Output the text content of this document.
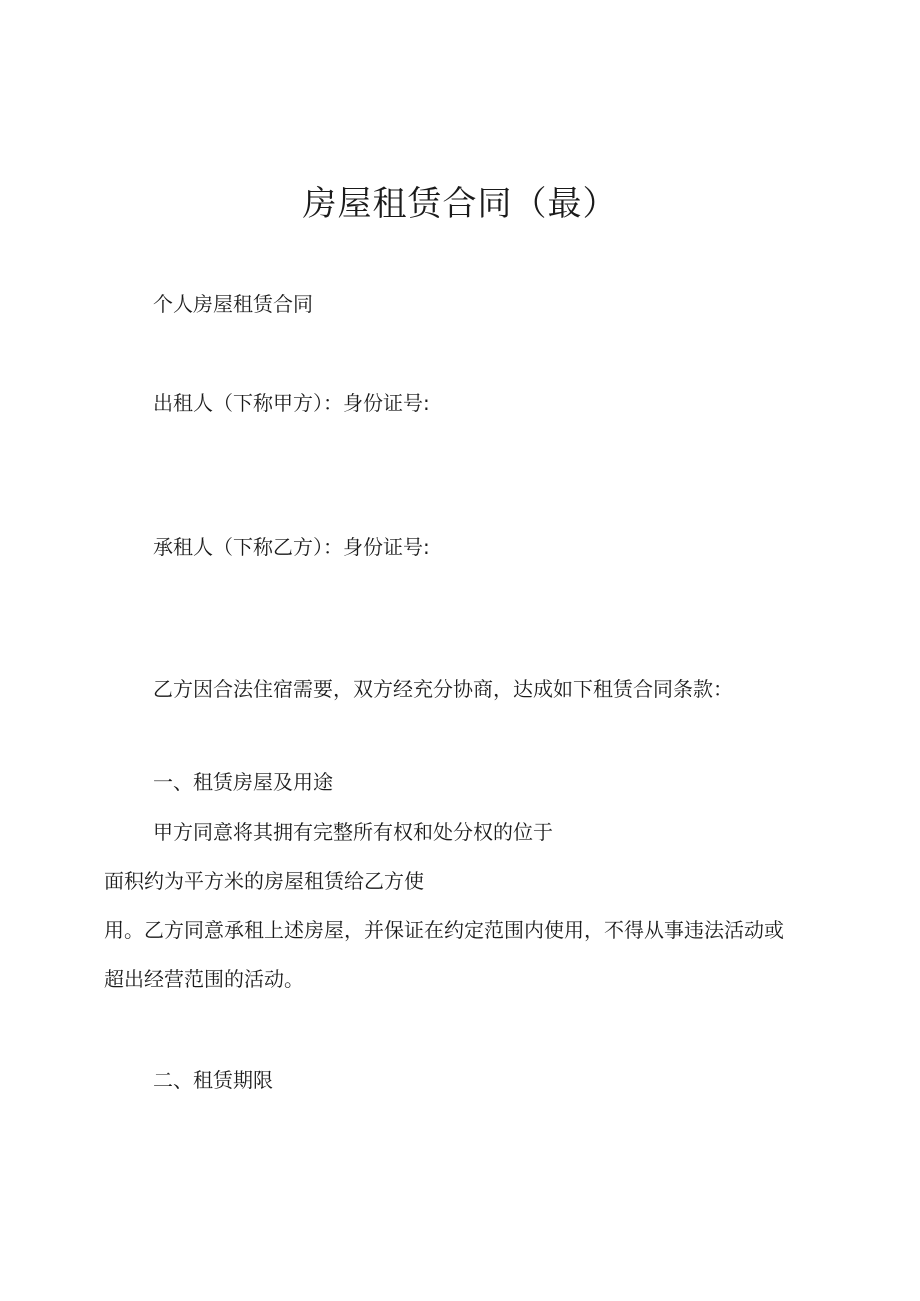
房屋租赁合同（最）

个人房屋租赁合同

出租人（下称甲方）：身份证号:

承租人（下称乙方）：身份证号:

乙方因合法住宿需要，双方经充分协商，达成如下租赁合同条款：

一、租赁房屋及用途

甲方同意将其拥有完整所有权和处分权的位于

面积约为平方米的房屋租赁给乙方使

用。乙方同意承租上述房屋，并保证在约定范围内使用，不得从事违法活动或

超出经营范围的活动。

二、租赁期限
